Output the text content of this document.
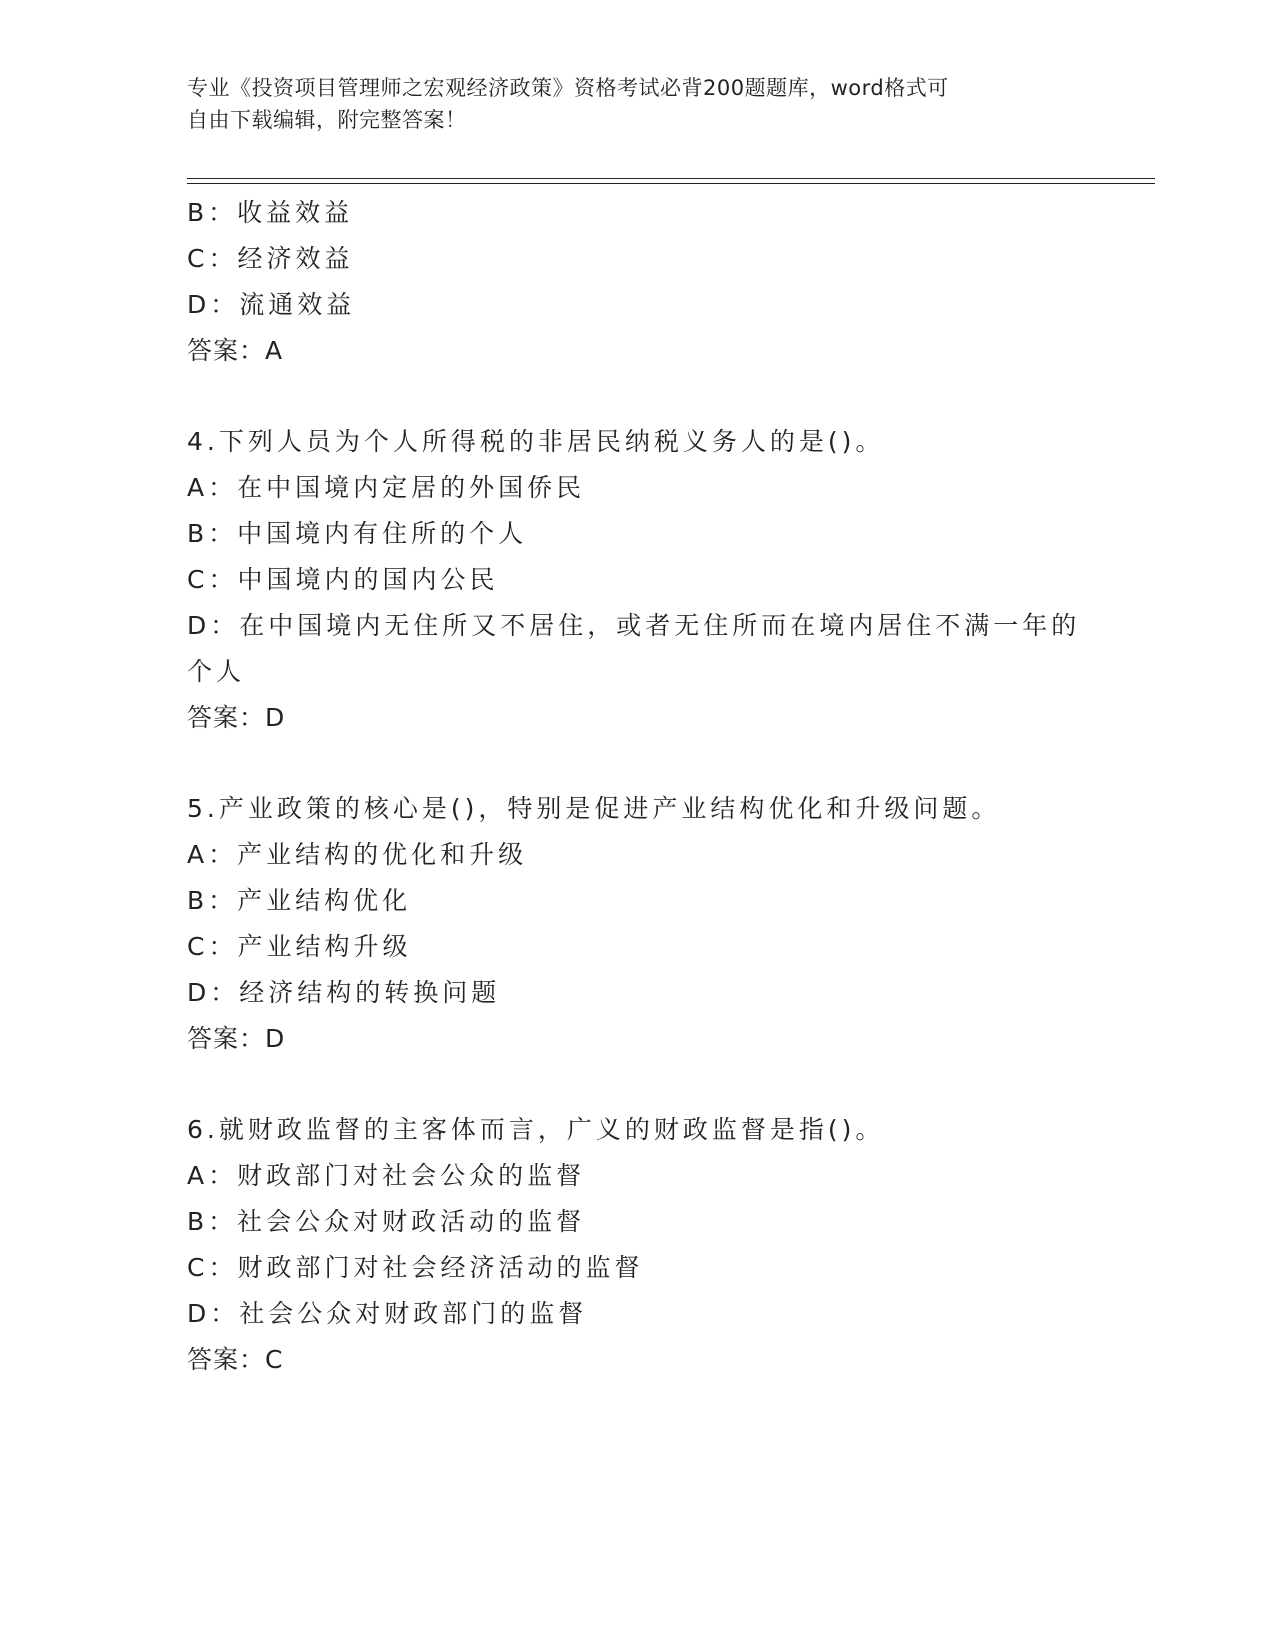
专业《投资项目管理师之宏观经济政策》资格考试必背200题题库，word格式可
自由下载编辑，附完整答案！
B：收益效益
C：经济效益
D：流通效益
答案：A
4.下列人员为个人所得税的非居民纳税义务人的是()。
A：在中国境内定居的外国侨民
B：中国境内有住所的个人
C：中国境内的国内公民
D：在中国境内无住所又不居住，或者无住所而在境内居住不满一年的个人
答案：D
5.产业政策的核心是()，特别是促进产业结构优化和升级问题。
A：产业结构的优化和升级
B：产业结构优化
C：产业结构升级
D：经济结构的转换问题
答案：D
6.就财政监督的主客体而言，广义的财政监督是指()。
A：财政部门对社会公众的监督
B：社会公众对财政活动的监督
C：财政部门对社会经济活动的监督
D：社会公众对财政部门的监督
答案：C
